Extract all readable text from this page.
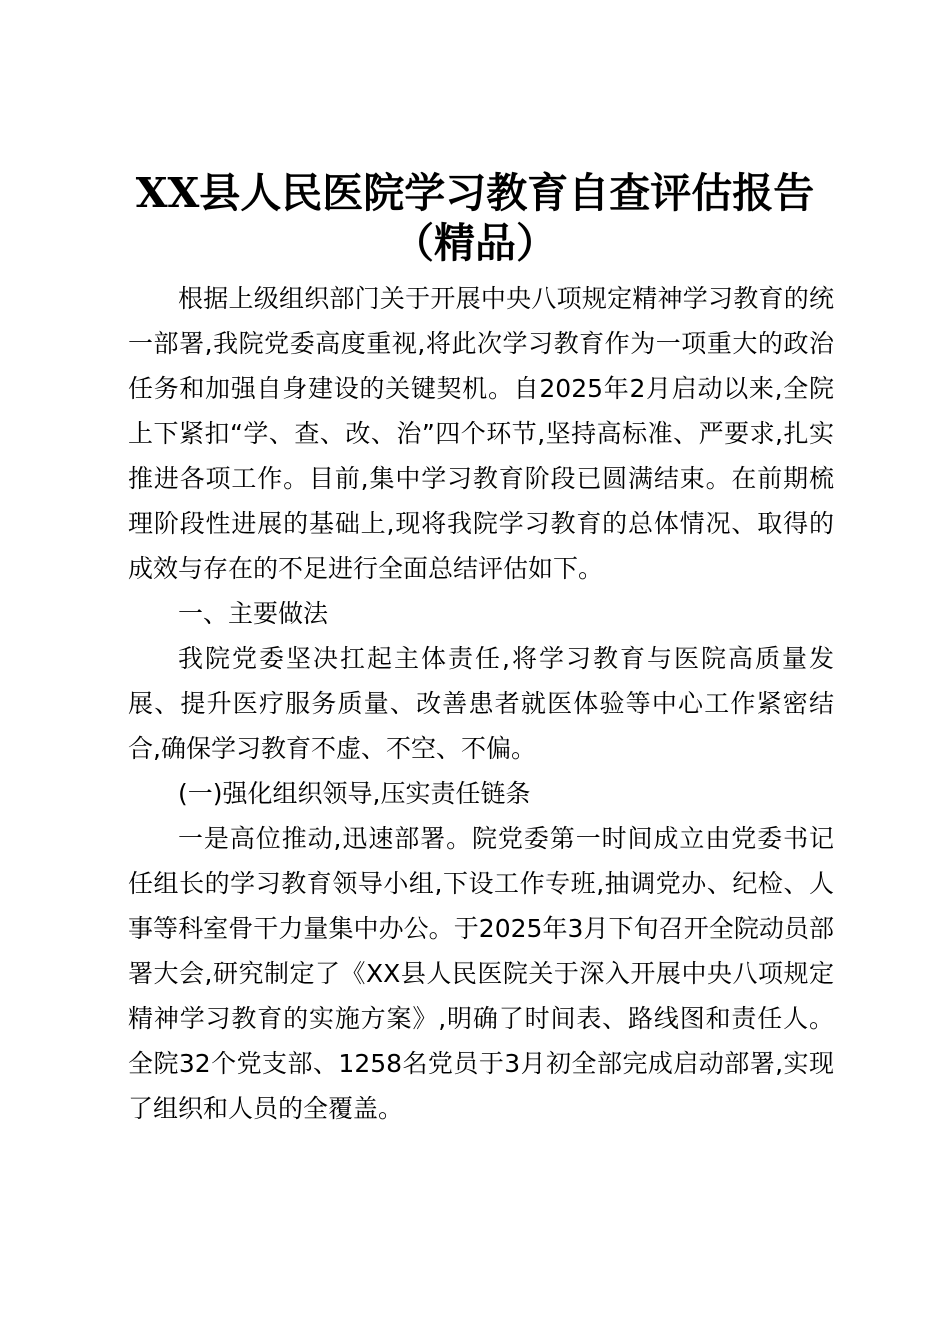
XX县人民医院学习教育自查评估报告
（精品）

根据上级组织部门关于开展中央八项规定精神学习教育的统一部署,我院党委高度重视,将此次学习教育作为一项重大的政治任务和加强自身建设的关键契机。自2025年2月启动以来,全院上下紧扣“学、查、改、治”四个环节,坚持高标准、严要求,扎实推进各项工作。目前,集中学习教育阶段已圆满结束。在前期梳理阶段性进展的基础上,现将我院学习教育的总体情况、取得的成效与存在的不足进行全面总结评估如下。

一、主要做法

我院党委坚决扛起主体责任,将学习教育与医院高质量发展、提升医疗服务质量、改善患者就医体验等中心工作紧密结合,确保学习教育不虚、不空、不偏。

(一)强化组织领导,压实责任链条

一是高位推动,迅速部署。院党委第一时间成立由党委书记任组长的学习教育领导小组,下设工作专班,抽调党办、纪检、人事等科室骨干力量集中办公。于2025年3月下旬召开全院动员部署大会,研究制定了《XX县人民医院关于深入开展中央八项规定精神学习教育的实施方案》,明确了时间表、路线图和责任人。全院32个党支部、1258名党员于3月初全部完成启动部署,实现了组织和人员的全覆盖。
